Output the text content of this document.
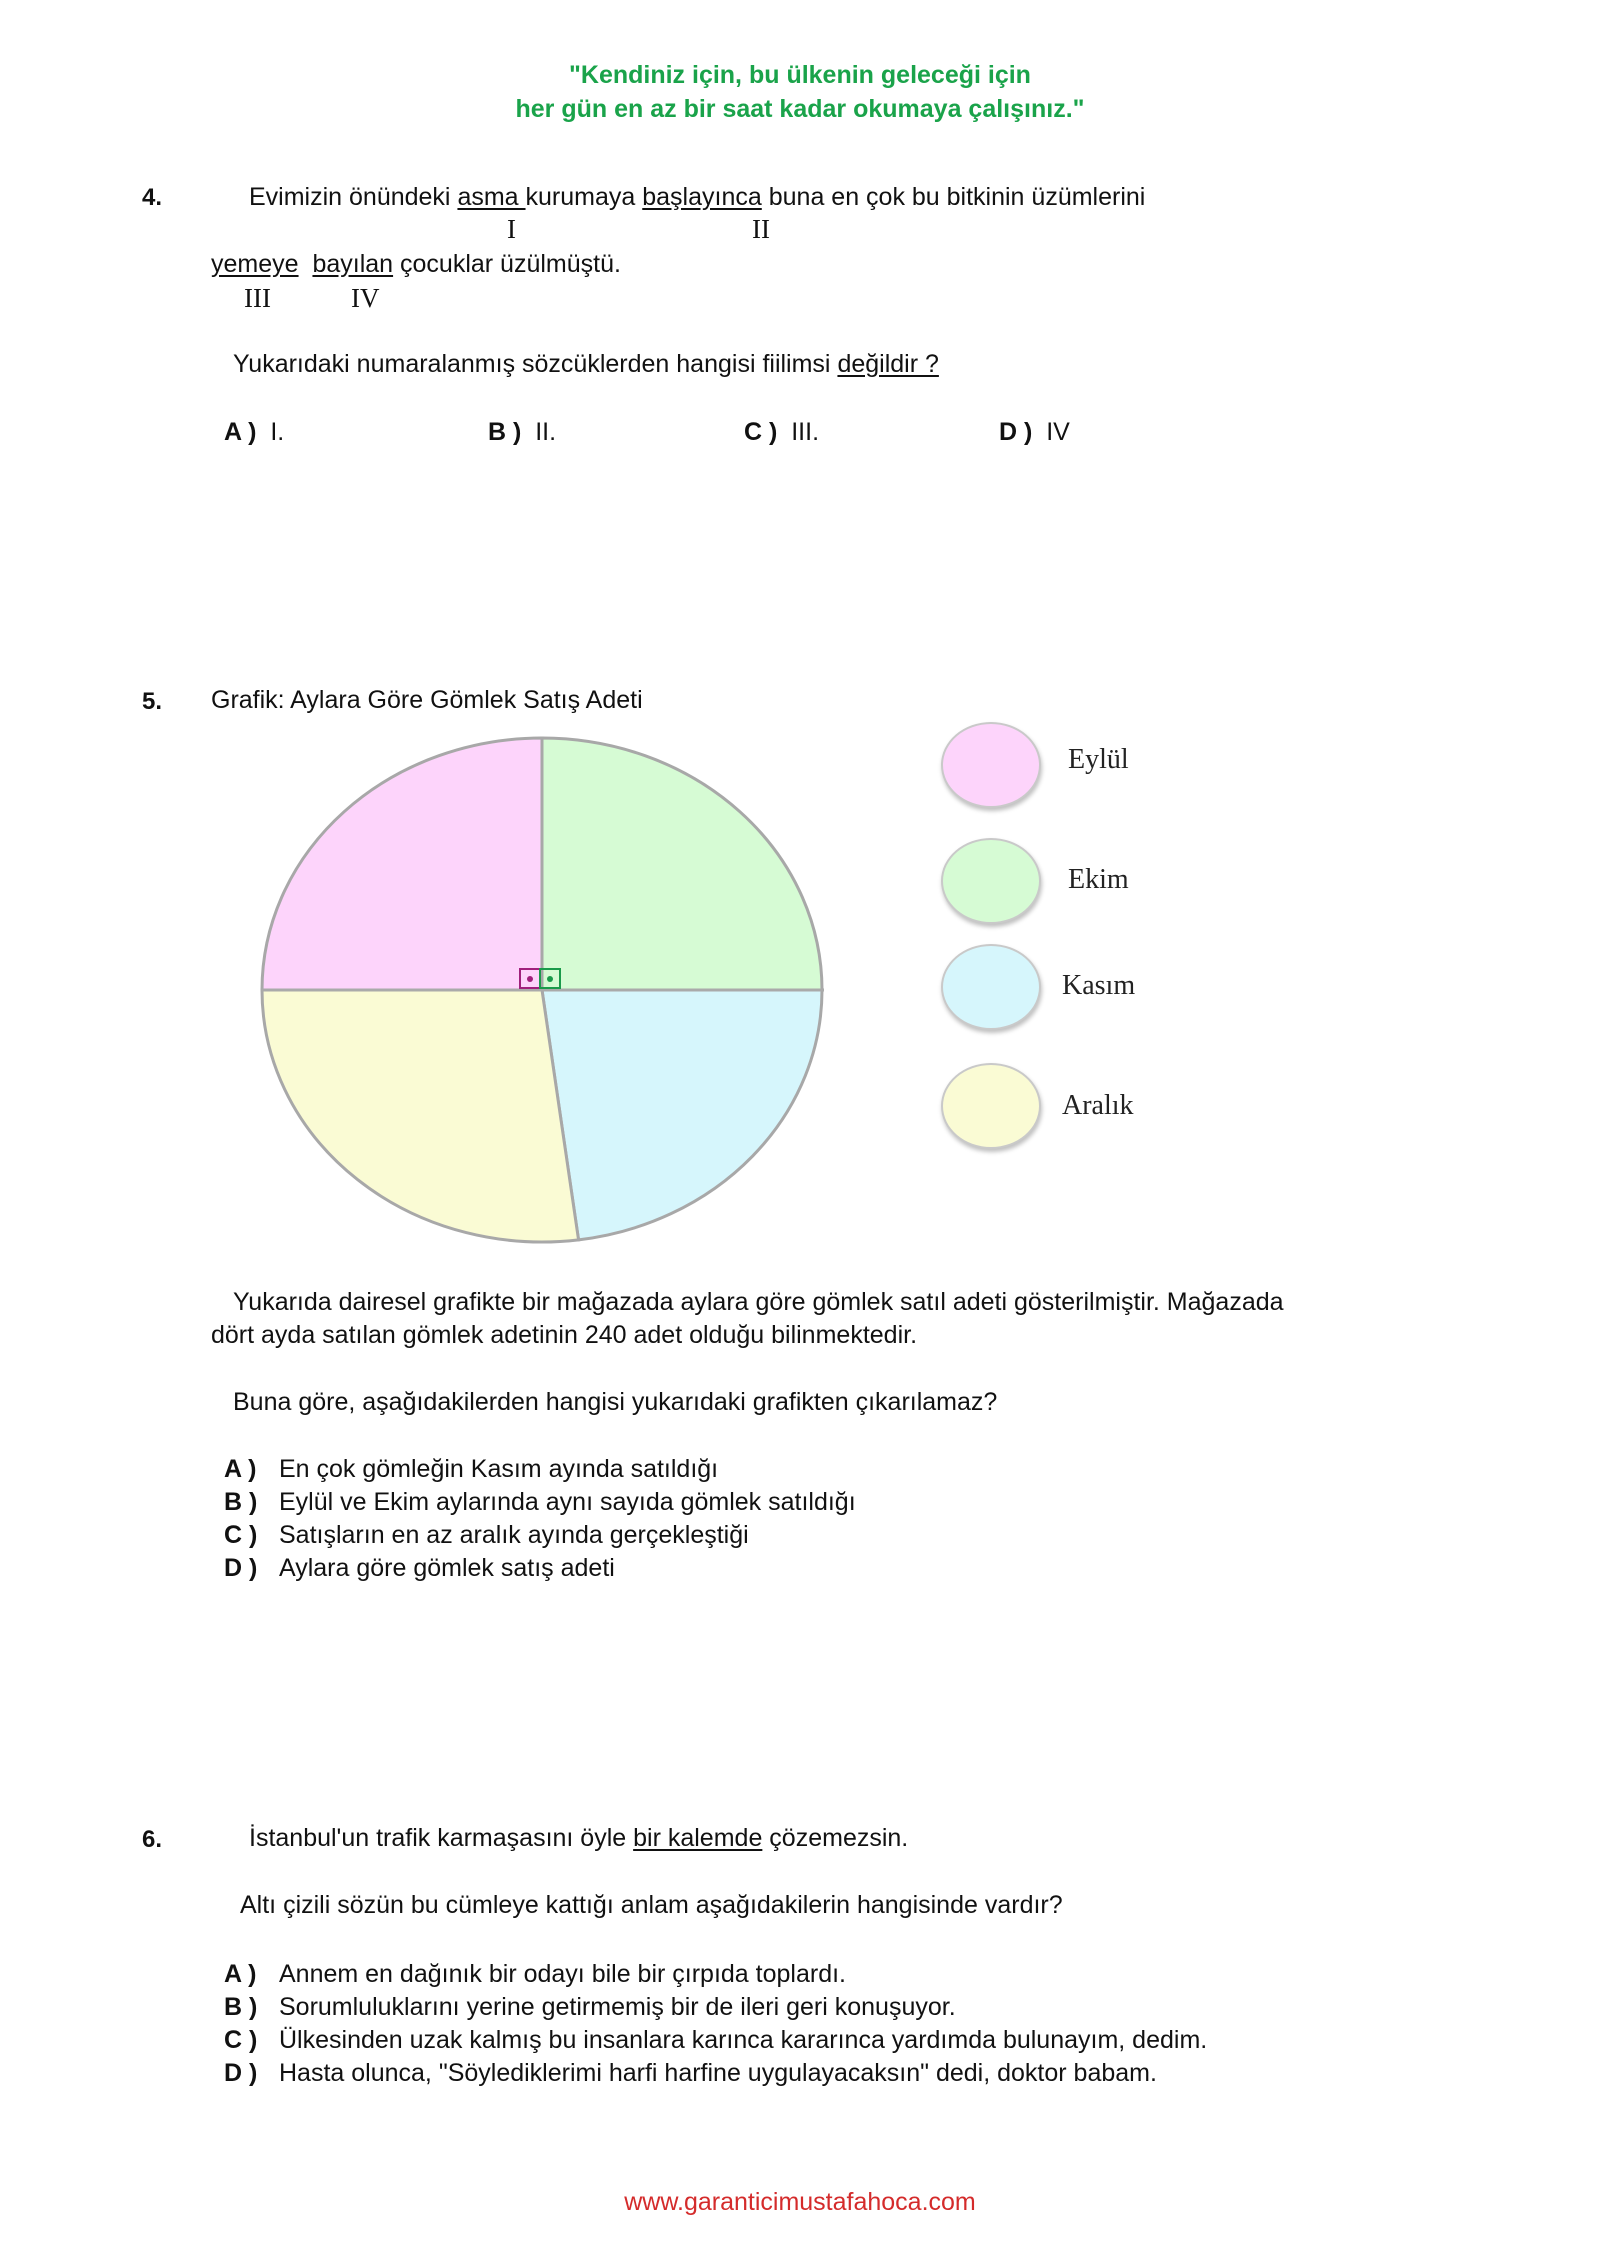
"Kendiniz için, bu ülkenin geleceği için
her gün en az bir saat kadar okumaya çalışınız."
4.	Evimizin önündeki asma kurumaya başlayınca buna en çok bu bitkinin üzümlerini
I	II
yemeye bayılan çocuklar üzülmüştü.
III	IV
Yukarıdaki numaralanmış sözcüklerden hangisi fiilimsi değildir ?
A ) I.	B ) II.	C ) III.	D ) IV
5. Grafik: Aylara Göre Gömlek Satış Adeti
Eylül
Ekim
Kasım
Aralık
Yukarıda dairesel grafikte bir mağazada aylara göre gömlek satıl adeti gösterilmiştir. Mağazada
dört ayda satılan gömlek adetinin 240 adet olduğu bilinmektedir.
Buna göre, aşağıdakilerden hangisi yukarıdaki grafikten çıkarılamaz?
A ) En çok gömleğin Kasım ayında satıldığı
B ) Eylül ve Ekim aylarında aynı sayıda gömlek satıldığı
C ) Satışların en az aralık ayında gerçekleştiği
D ) Aylara göre gömlek satış adeti
6.	İstanbul'un trafik karmaşasını öyle bir kalemde çözemezsin.
Altı çizili sözün bu cümleye kattığı anlam aşağıdakilerin hangisinde vardır?
A ) Annem en dağınık bir odayı bile bir çırpıda toplardı.
B ) Sorumluluklarını yerine getirmemiş bir de ileri geri konuşuyor.
C ) Ülkesinden uzak kalmış bu insanlara karınca kararınca yardımda bulunayım, dedim.
D ) Hasta olunca, "Söylediklerimi harfi harfine uygulayacaksın" dedi, doktor babam.
www.garanticimustafahoca.com
